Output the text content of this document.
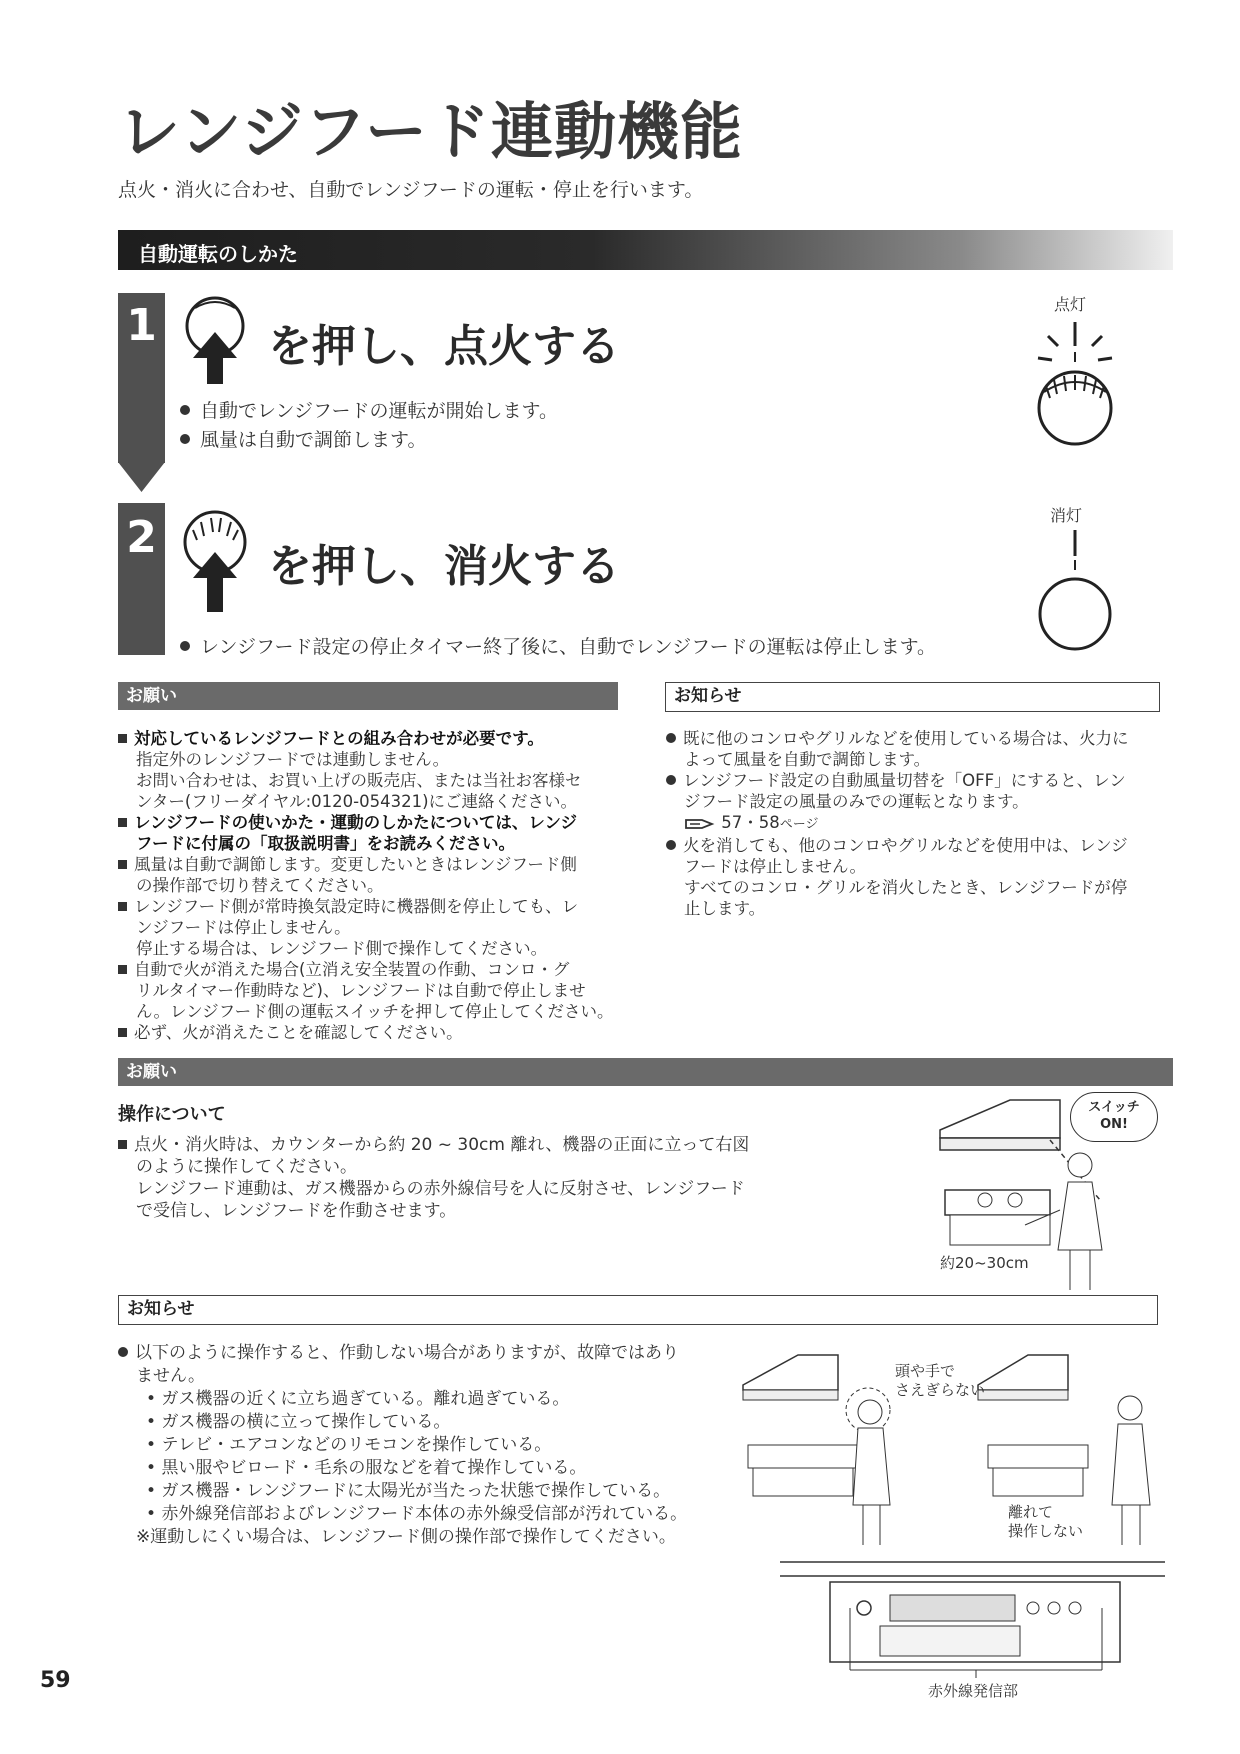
レンジフード連動機能
点火・消火に合わせ、自動でレンジフードの運転・停止を行います。
自動運転のしかた
1	を押し、点火する
自動でレンジフードの運転が開始します。
風量は自動で調節します。
点灯
2
を押し、消火する
レンジフード設定の停止タイマー終了後に、自動でレンジフードの運転は停止します。
消灯
お願い
対応しているレンジフードとの組み合わせが必要です。
指定外のレンジフードでは連動しません。
お問い合わせは、お買い上げの販売店、または当社お客様セ
ンター(フリーダイヤル:0120-054321)にご連絡ください。
レンジフードの使いかた・運動のしかたについては、レンジ
フードに付属の「取扱説明書」をお読みください。
風量は自動で調節します。変更したいときはレンジフード側
の操作部で切り替えてください。
レンジフード側が常時換気設定時に機器側を停止しても、レ
ンジフードは停止しません。
停止する場合は、レンジフード側で操作してください。
自動で火が消えた場合(立消え安全装置の作動、コンロ・グ
リルタイマー作動時など)、レンジフードは自動で停止しませ
ん。レンジフード側の運転スイッチを押して停止してください。
必ず、火が消えたことを確認してください。
お知らせ
既に他のコンロやグリルなどを使用している場合は、火力に
よって風量を自動で調節します。
レンジフード設定の自動風量切替を「OFF」にすると、レン
ジフード設定の風量のみでの運転となります。
57・58ページ
火を消しても、他のコンロやグリルなどを使用中は、レンジ
フードは停止しません。
すべてのコンロ・グリルを消火したとき、レンジフードが停
止します。
お願い
操作について
点火・消火時は、カウンターから約 20 ~ 30cm 離れ、機器の正面に立って右図
のように操作してください。
レンジフード連動は、ガス機器からの赤外線信号を人に反射させ、レンジフード
で受信し、レンジフードを作動させます。
スイッチ
ON!
約20~30cm
お知らせ
以下のように操作すると、作動しない場合がありますが、故障ではあり
ません。
• ガス機器の近くに立ち過ぎている。離れ過ぎている。
• ガス機器の横に立って操作している。
• テレビ・エアコンなどのリモコンを操作している。
• 黒い服やビロード・毛糸の服などを着て操作している。
• ガス機器・レンジフードに太陽光が当たった状態で操作している。
• 赤外線発信部およびレンジフード本体の赤外線受信部が汚れている。
※運動しにくい場合は、レンジフード側の操作部で操作してください。
頭や手で
さえぎらない
離れて
操作しない
赤外線発信部
59
